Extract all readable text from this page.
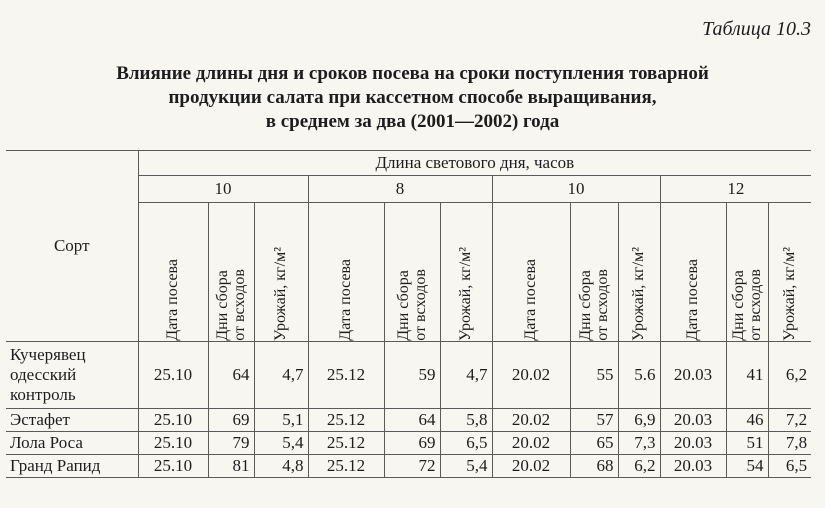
Таблица 10.3
Влияние длины дня и сроков посева на сроки поступления товарной
продукции салата при кассетном способе выращивания,
в среднем за два (2001—2002) года
Сорт	Длина светового дня, часов											
	10			8			10			12		

	Дата посева	Дни сбора
от всходов	Урожай, кг/м²	Дата посева	Дни сбора
от всходов	Урожай, кг/м²	Дата посева	Дни сбора
от всходов	Урожай, кг/м²	Дата посева	Дни сбора
от всходов	Урожай, кг/м²

Кучерявец
одесский
контроль	25.10	64	4,7	25.12	59	4,7	20.02	55	5.6	20.03	41	6,2

Эстафет	25.10	69	5,1	25.12	64	5,8	20.02	57	6,9	20.03	46	7,2

Лола Роса	25.10	79	5,4	25.12	69	6,5	20.02	65	7,3	20.03	51	7,8

Гранд Рапид	25.10	81	4,8	25.12	72	5,4	20.02	68	6,2	20.03	54	6,5
